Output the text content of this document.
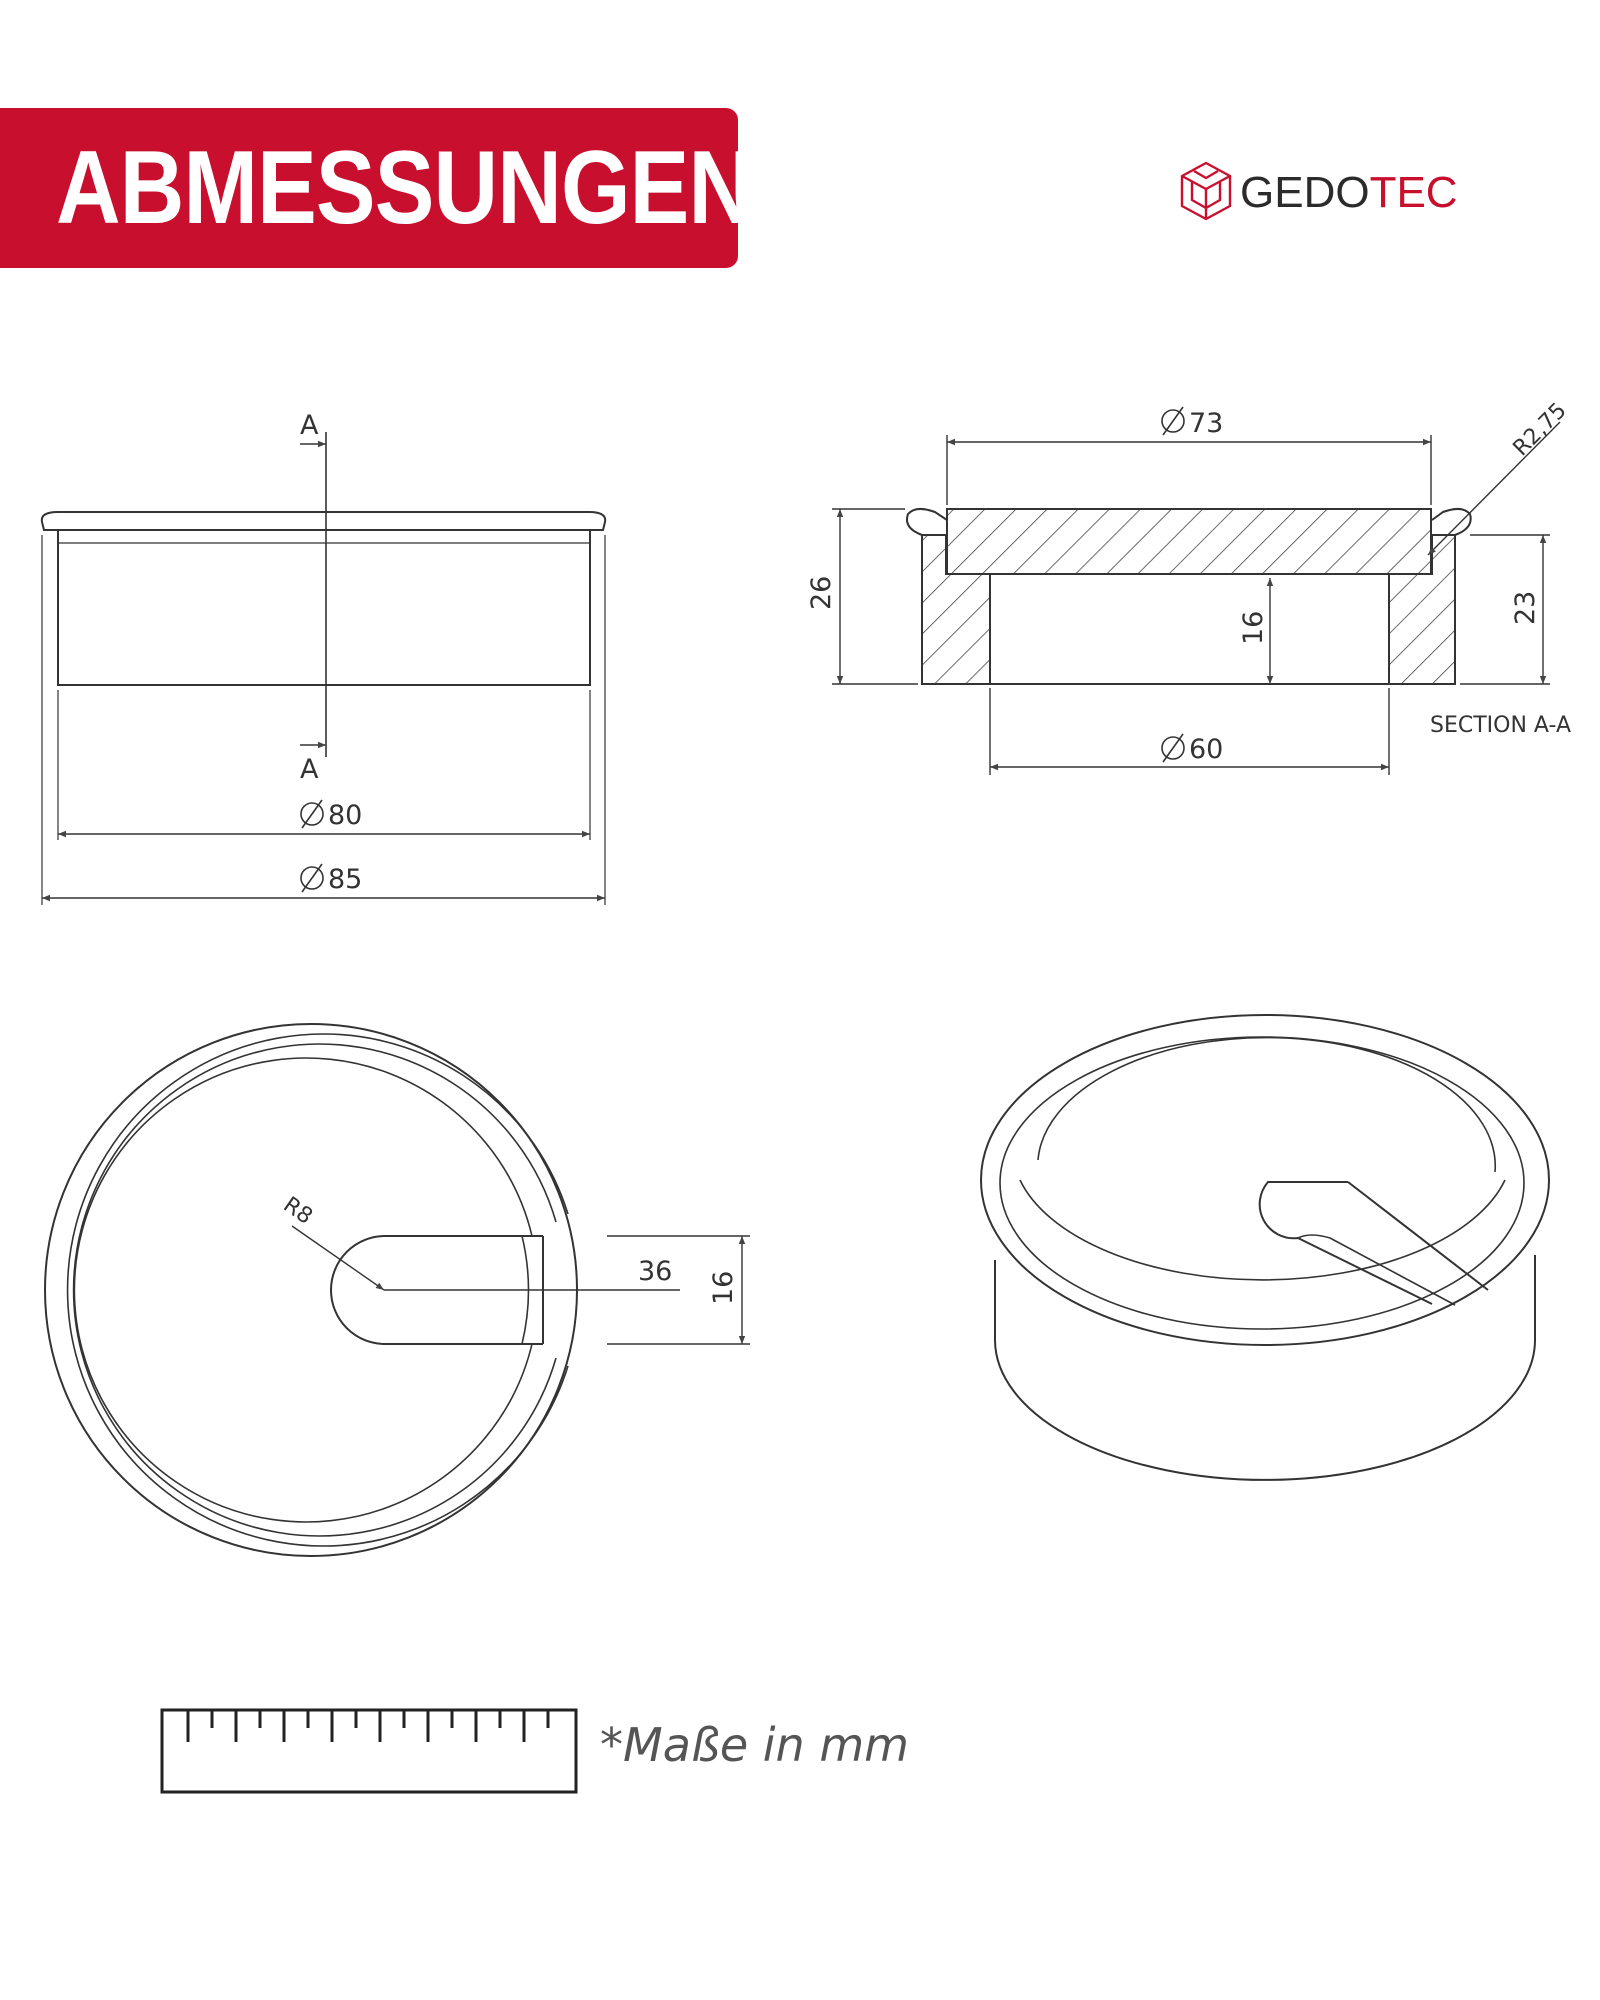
ABMESSUNGEN	GEDOTEC
A
A
80
85
73	R2,75
26
16
23
60
SECTION A-A
R8
36 16
*Maße in mm
